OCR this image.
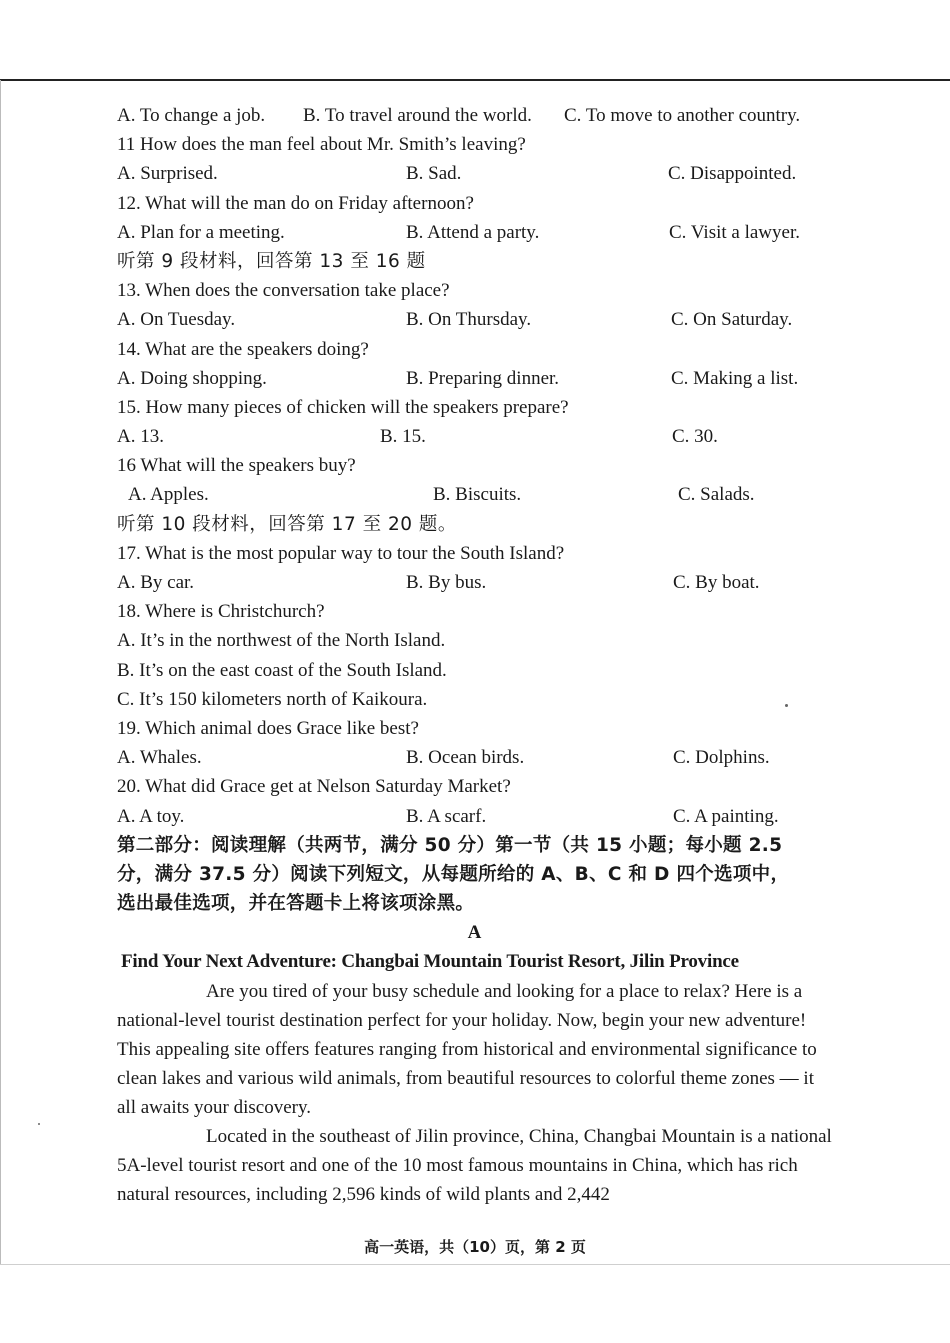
A. To change a job. B. To travel around the world. C. To move to another country.
11 How does the man feel about Mr. Smith’s leaving?
A. Surprised.	B. Sad.	C. Disappointed.
12. What will the man do on Friday afternoon?
A. Plan for a meeting.	B. Attend a party.	C. Visit a lawyer.
听第 9 段材料，回答第 13 至 16 题
13. When does the conversation take place?
A. On Tuesday.	B. On Thursday.	C. On Saturday.
14. What are the speakers doing?
A. Doing shopping.	B. Preparing dinner.	C. Making a list.
15. How many pieces of chicken will the speakers prepare?
A. 13.	B. 15.	C. 30.
16 What will the speakers buy?
A. Apples.	B. Biscuits.	C. Salads.
听第 10 段材料，回答第 17 至 20 题。
17. What is the most popular way to tour the South Island?
A. By car.	B. By bus.	C. By boat.
18. Where is Christchurch?
A. It’s in the northwest of the North Island.
B. It’s on the east coast of the South Island.
C. It’s 150 kilometers north of Kaikoura.
19. Which animal does Grace like best?
A. Whales.	B. Ocean birds.	C. Dolphins.
20. What did Grace get at Nelson Saturday Market?
A. A toy.	B. A scarf.	C. A painting.
第二部分：阅读理解（共两节，满分 50 分）第一节（共 15 小题；每小题 2.5
分，满分 37.5 分）阅读下列短文，从每题所给的 A、B、C 和 D 四个选项中，
选出最佳选项，并在答题卡上将该项涂黑。
A
Find Your Next Adventure: Changbai Mountain Tourist Resort, Jilin Province
Are you tired of your busy schedule and looking for a place to relax? Here is a national-level tourist destination perfect for your holiday. Now, begin your new adventure! This appealing site offers features ranging from historical and environmental significance to clean lakes and various wild animals, from beautiful resources to colorful theme zones — it all awaits your discovery.
Located in the southeast of Jilin province, China, Changbai Mountain is a national 5A-level tourist resort and one of the 10 most famous mountains in China, which has rich natural resources, including 2,596 kinds of wild plants and 2,442
高一英语，共（10）页，第 2 页
